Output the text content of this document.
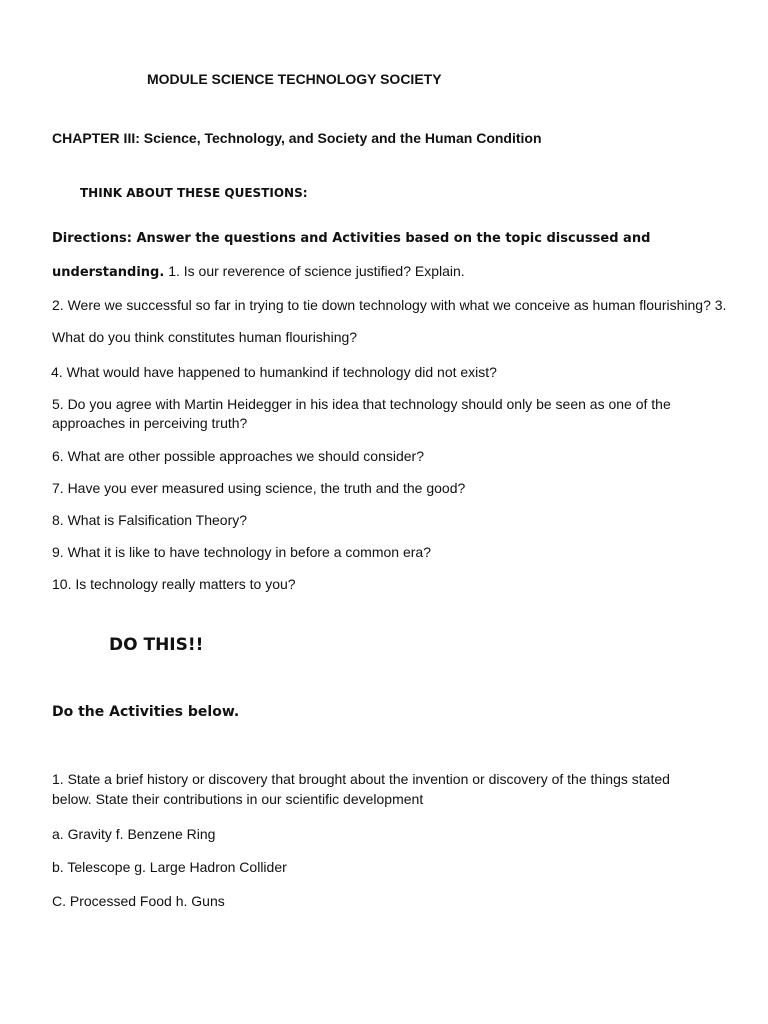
MODULE SCIENCE TECHNOLOGY SOCIETY
CHAPTER III: Science, Technology, and Society and the Human Condition
THINK ABOUT THESE QUESTIONS:
Directions: Answer the questions and Activities based on the topic discussed and
understanding. 1. Is our reverence of science justified? Explain.
2. Were we successful so far in trying to tie down technology with what we conceive as human flourishing? 3.
What do you think constitutes human flourishing?
4. What would have happened to humankind if technology did not exist?
5. Do you agree with Martin Heidegger in his idea that technology should only be seen as one of the
approaches in perceiving truth?
6. What are other possible approaches we should consider?
7. Have you ever measured using science, the truth and the good?
8. What is Falsification Theory?
9. What it is like to have technology in before a common era?
10. Is technology really matters to you?
DO THIS!!
Do the Activities below.
1. State a brief history or discovery that brought about the invention or discovery of the things stated
below. State their contributions in our scientific development
a. Gravity f. Benzene Ring
b. Telescope g. Large Hadron Collider
C. Processed Food h. Guns
